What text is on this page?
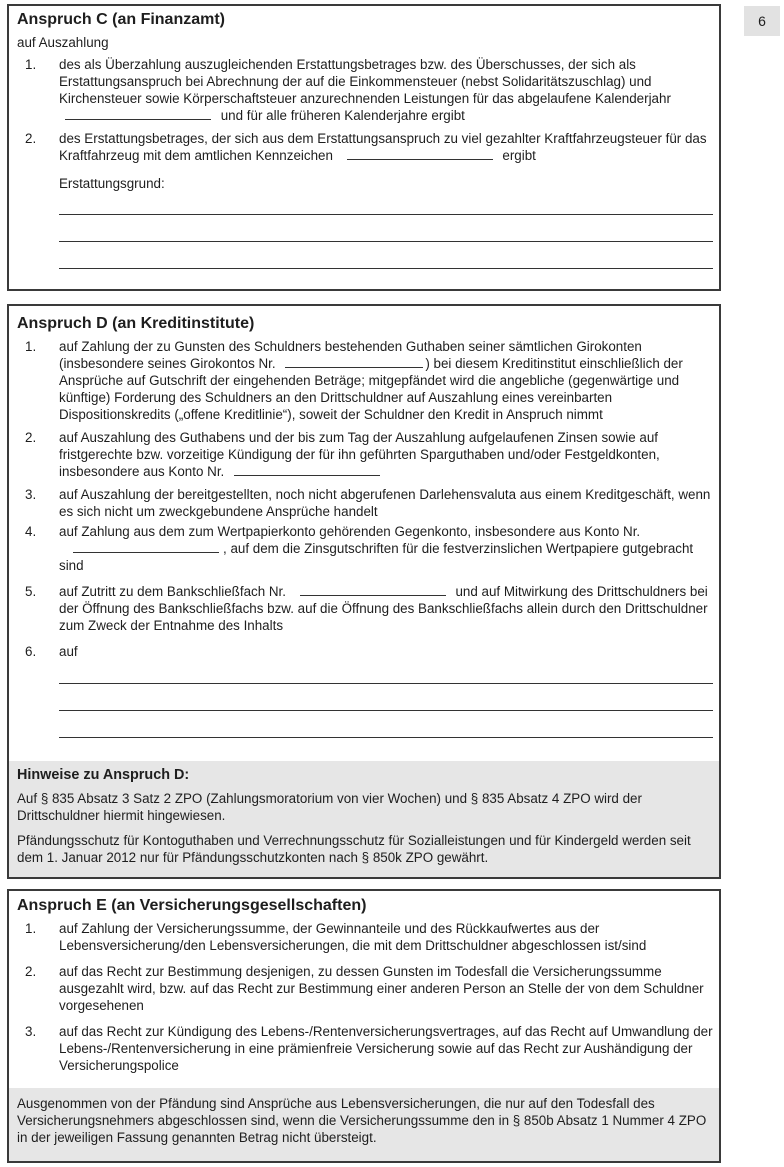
6
Anspruch C (an Finanzamt)
auf Auszahlung
1. des als Überzahlung auszugleichenden Erstattungsbetrages bzw. des Überschusses, der sich als Erstattungsanspruch bei Abrechnung der auf die Einkommensteuer (nebst Solidaritätszuschlag) und Kirchensteuer sowie Körperschaftsteuer anzurechnenden Leistungen für das abgelaufene Kalenderjahr  und für alle früheren Kalenderjahre ergibt
2. des Erstattungsbetrages, der sich aus dem Erstattungsanspruch zu viel gezahlter Kraftfahrzeugsteuer für das Kraftfahrzeug mit dem amtlichen Kennzeichen	ergibt
Erstattungsgrund:
Anspruch D (an Kreditinstitute)
1. auf Zahlung der zu Gunsten des Schuldners bestehenden Guthaben seiner sämtlichen Girokonten (insbesondere seines Girokontos Nr.	) bei diesem Kreditinstitut einschließlich der Ansprüche auf Gutschrift der eingehenden Beträge; mitgepfändet wird die angebliche (gegenwärtige und künftige) Forderung des Schuldners an den Drittschuldner auf Auszahlung eines vereinbarten Dispositionskredits („offene Kreditlinie“), soweit der Schuldner den Kredit in Anspruch nimmt
2. auf Auszahlung des Guthabens und der bis zum Tag der Auszahlung aufgelaufenen Zinsen sowie auf fristgerechte bzw. vorzeitige Kündigung der für ihn geführten Sparguthaben und/oder Festgeldkonten, insbesondere aus Konto Nr.
3. auf Auszahlung der bereitgestellten, noch nicht abgerufenen Darlehensvaluta aus einem Kreditgeschäft, wenn es sich nicht um zweckgebundene Ansprüche handelt
4. auf Zahlung aus dem zum Wertpapierkonto gehörenden Gegenkonto, insbesondere aus Konto Nr. , auf dem die Zinsgutschriften für die festverzinslichen Wertpapiere gutgebracht sind
5. auf Zutritt zu dem Bankschließfach Nr.	und auf Mitwirkung des Drittschuldners bei der Öffnung des Bankschließfachs bzw. auf die Öffnung des Bankschließfachs allein durch den Drittschuldner zum Zweck der Entnahme des Inhalts
6. auf
Hinweise zu Anspruch D:

Auf § 835 Absatz 3 Satz 2 ZPO (Zahlungsmoratorium von vier Wochen) und § 835 Absatz 4 ZPO wird der Drittschuldner hiermit hingewiesen.

Pfändungsschutz für Kontoguthaben und Verrechnungsschutz für Sozialleistungen und für Kindergeld werden seit dem 1. Januar 2012 nur für Pfändungsschutzkonten nach § 850k ZPO gewährt.

Anspruch E (an Versicherungsgesellschaften)
1. auf Zahlung der Versicherungssumme, der Gewinnanteile und des Rückkaufwertes aus der Lebensversicherung/den Lebensversicherungen, die mit dem Drittschuldner abgeschlossen ist/sind
2. auf das Recht zur Bestimmung desjenigen, zu dessen Gunsten im Todesfall die Versicherungssumme ausgezahlt wird, bzw. auf das Recht zur Bestimmung einer anderen Person an Stelle der von dem Schuldner vorgesehenen
3. auf das Recht zur Kündigung des Lebens-/Rentenversicherungsvertrages, auf das Recht auf Umwandlung der Lebens-/Rentenversicherung in eine prämienfreie Versicherung sowie auf das Recht zur Aushändigung der Versicherungspolice

Ausgenommen von der Pfändung sind Ansprüche aus Lebensversicherungen, die nur auf den Todesfall des Versicherungsnehmers abgeschlossen sind, wenn die Versicherungssumme den in § 850b Absatz 1 Nummer 4 ZPO in der jeweiligen Fassung genannten Betrag nicht übersteigt.
